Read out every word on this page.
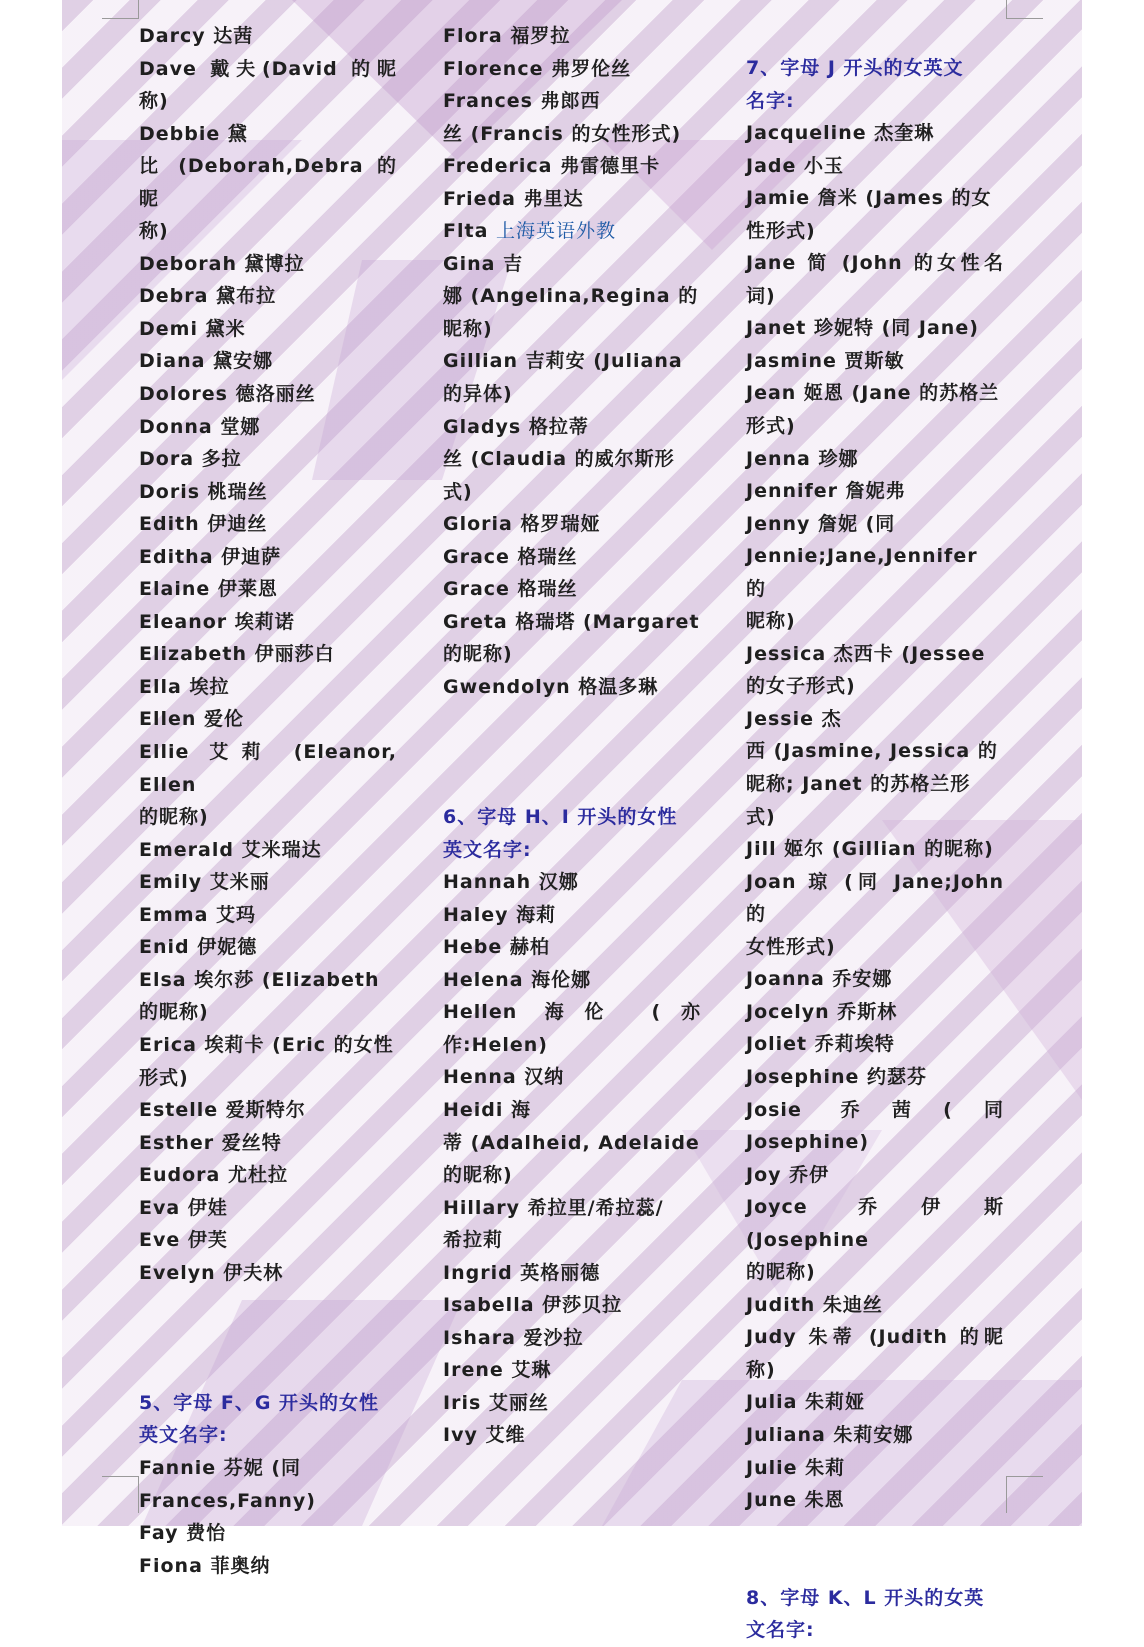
Darcy 达茜
Dave 戴夫(David 的昵称)
Debbie 黛
比 (Deborah,Debra 的昵
称)
Deborah 黛博拉
Debra 黛布拉
Demi 黛米
Diana 黛安娜
Dolores 德洛丽丝
Donna 堂娜
Dora 多拉
Doris 桃瑞丝
Edith 伊迪丝
Editha 伊迪萨
Elaine 伊莱恩
Eleanor 埃莉诺
Elizabeth 伊丽莎白
Ella 埃拉
Ellen 爱伦
Ellie 艾莉 (Eleanor, Ellen
的昵称)
Emerald 艾米瑞达
Emily 艾米丽
Emma 艾玛
Enid 伊妮德
Elsa 埃尔莎 (Elizabeth
的昵称)
Erica 埃莉卡 (Eric 的女性
形式)
Estelle 爱斯特尔
Esther 爱丝特
Eudora 尤杜拉
Eva 伊娃
Eve 伊芙
Evelyn 伊夫林
5、字母 F、G 开头的女性
英文名字:
Fannie 芬妮 (同
Frances,Fanny)
Fay 费怡
Fiona 菲奥纳
Flora 福罗拉
Florence 弗罗伦丝
Frances 弗郎西
丝 (Francis 的女性形式)
Frederica 弗雷德里卡
Frieda 弗里达
Flta 上海英语外教
Gina 吉
娜 (Angelina,Regina 的
昵称)
Gillian 吉莉安 (Juliana
的异体)
Gladys 格拉蒂
丝 (Claudia 的威尔斯形
式)
Gloria 格罗瑞娅
Grace 格瑞丝
Grace 格瑞丝
Greta 格瑞塔 (Margaret
的昵称)
Gwendolyn 格温多琳
6、字母 H、I 开头的女性
英文名字:
Hannah 汉娜
Haley 海莉
Hebe 赫柏
Helena 海伦娜
Hellen 海伦 (亦作:Helen)
Henna 汉纳
Heidi 海
蒂 (Adalheid, Adelaide
的昵称)
Hillary 希拉里/希拉蕊/
希拉莉
Ingrid 英格丽德
Isabella 伊莎贝拉
Ishara 爱沙拉
Irene 艾琳
Iris 艾丽丝
Ivy 艾维
7、字母 J 开头的女英文
名字:
Jacqueline 杰奎琳
Jade 小玉
Jamie 詹米 (James 的女
性形式)
Jane 简 (John 的女性名词)
Janet 珍妮特 (同 Jane)
Jasmine 贾斯敏
Jean 姬恩 (Jane 的苏格兰
形式)
Jenna 珍娜
Jennifer 詹妮弗
Jenny 詹妮 (同
Jennie;Jane,Jennifer 的
昵称)
Jessica 杰西卡 (Jessee
的女子形式)
Jessie 杰
西 (Jasmine, Jessica 的
昵称; Janet 的苏格兰形
式)
Jill 姬尔 (Gillian 的昵称)
Joan 琼 (同 Jane;John 的
女性形式)
Joanna 乔安娜
Jocelyn 乔斯林
Joliet 乔莉埃特
Josephine 约瑟芬
Josie 乔茜(同 Josephine)
Joy 乔伊
Joyce 乔伊斯 (Josephine
的昵称)
Judith 朱迪丝
Judy 朱蒂 (Judith 的昵称)
Julia 朱莉娅
Juliana 朱莉安娜
Julie 朱莉
June 朱恩
8、字母 K、L 开头的女英
文名字:
